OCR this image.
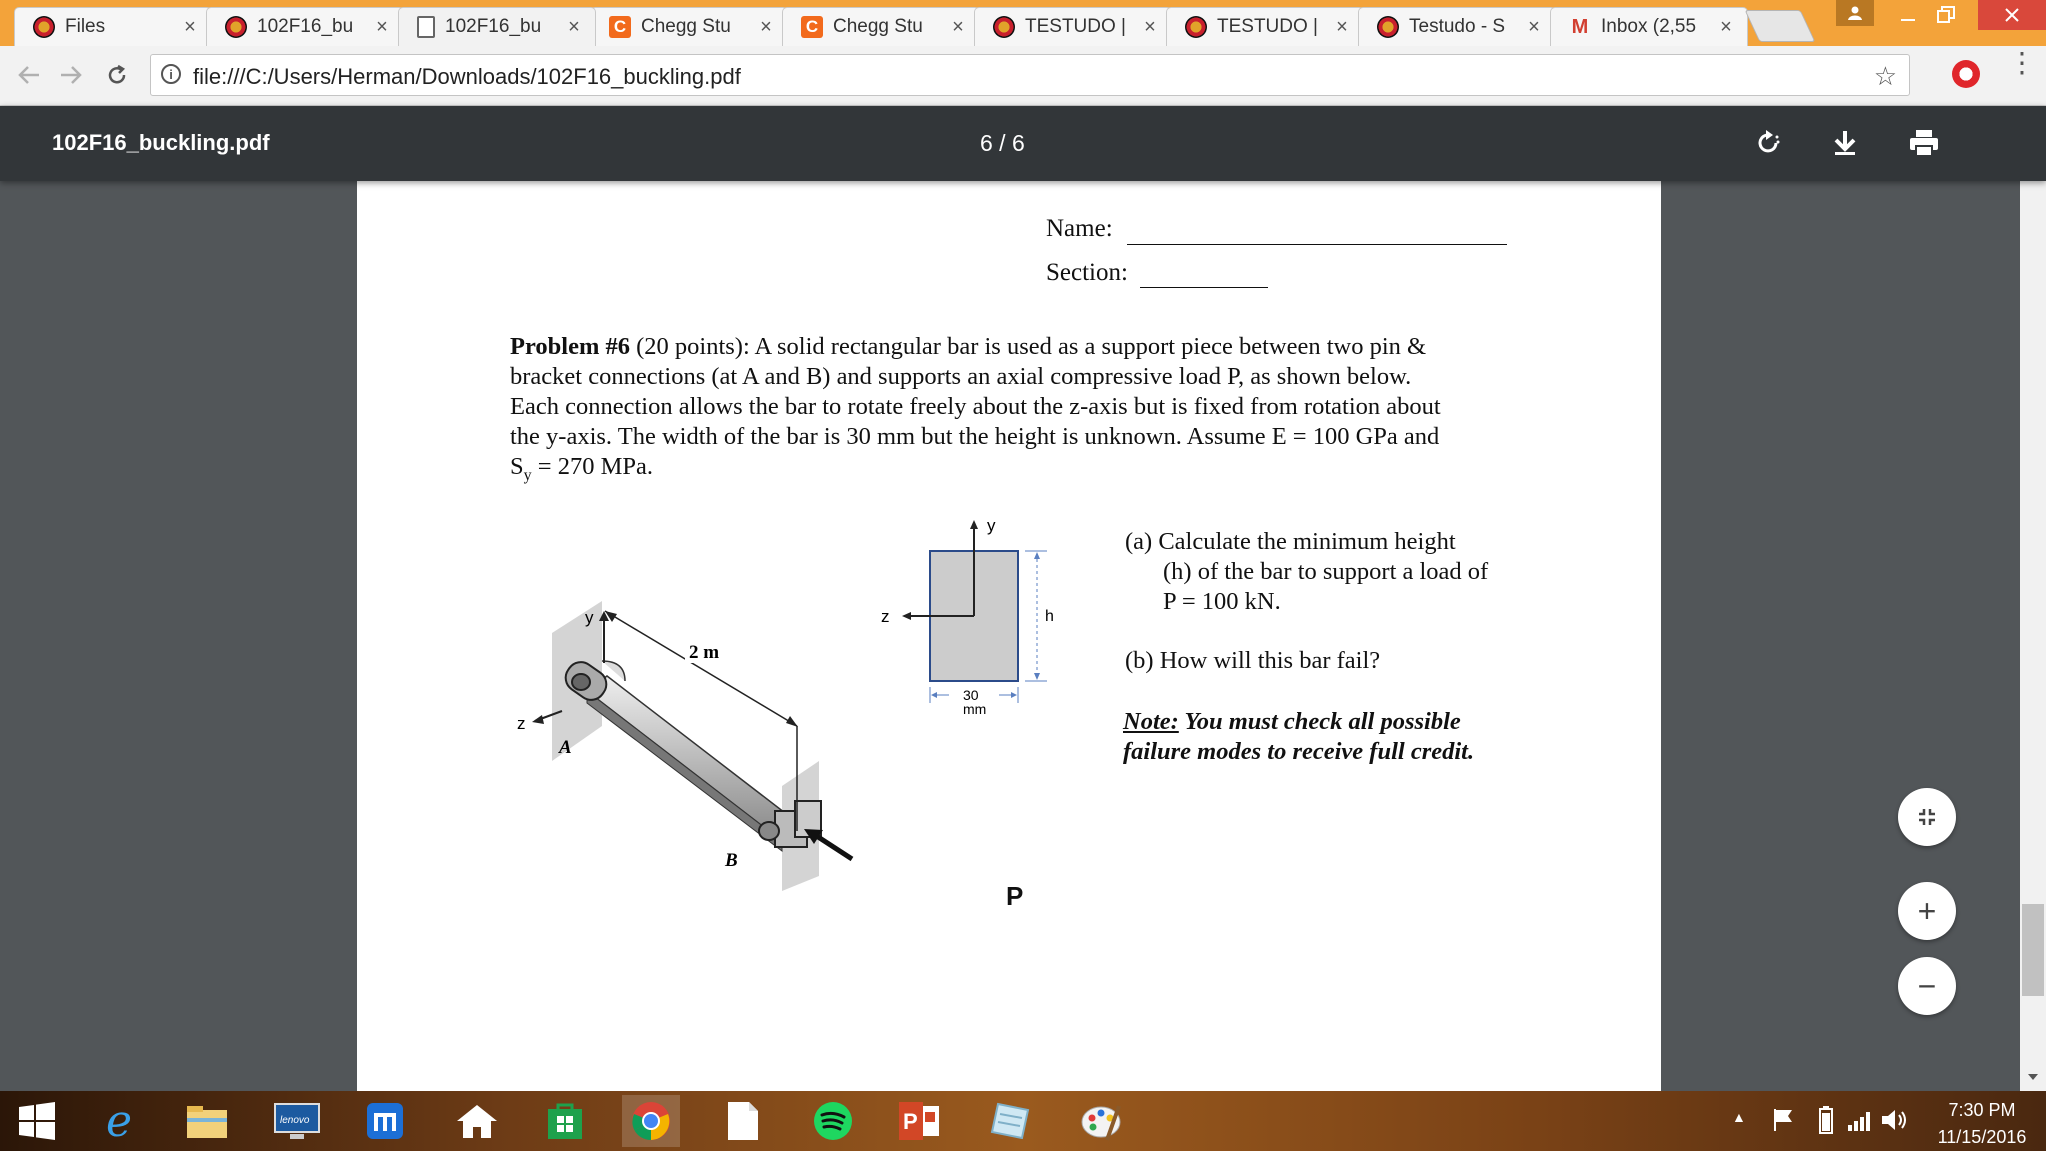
Files	×	102F16_bu	×	102F16_bu	×	C Chegg Stu	×	C Chegg Stu	×	TESTUDO | ×	TESTUDO | ×	Testudo - S	× M Inbox (2,55	×
i file:///C:/Users/Herman/Downloads/102F16_buckling.pdf	☆	⋮
102F16_buckling.pdf	6 / 6
Name:
Section:
Problem #6 (20 points): A solid rectangular bar is used as a support piece between two pin &
bracket connections (at A and B) and supports an axial compressive load P, as shown below.
Each connection allows the bar to rotate freely about the z-axis but is fixed from rotation about
the y-axis. The width of the bar is 30 mm but the height is unknown. Assume E = 100 GPa and
$S_y = 270$ MPa.
y
z
A
B
2 m
P
y
z	h
30
mm
(a) Calculate the minimum height
(h) of the bar to support a load of
P = 100 kN.
(b) How will this bar fail?
Note: You must check all possible
failure modes to receive full credit.
+
−
e	lenovo	P	▲	7:30 PM
11/15/2016
